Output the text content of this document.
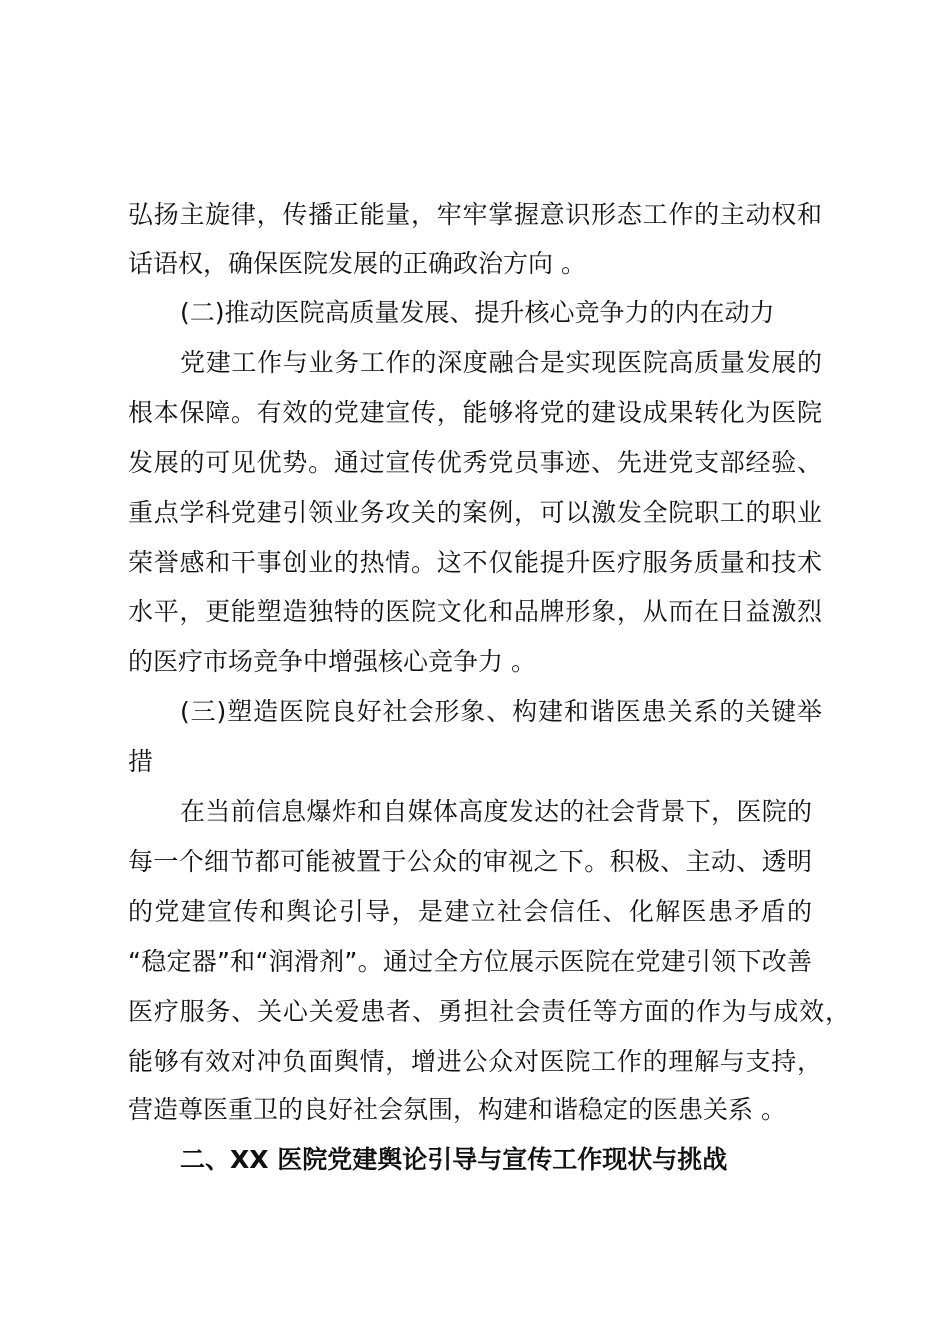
弘扬主旋律，传播正能量，牢牢掌握意识形态工作的主动权和
话语权，确保医院发展的正确政治方向 。
(二)推动医院高质量发展、提升核心竞争力的内在动力
党建工作与业务工作的深度融合是实现医院高质量发展的
根本保障。有效的党建宣传，能够将党的建设成果转化为医院
发展的可见优势。通过宣传优秀党员事迹、先进党支部经验、
重点学科党建引领业务攻关的案例，可以激发全院职工的职业
荣誉感和干事创业的热情。这不仅能提升医疗服务质量和技术
水平，更能塑造独特的医院文化和品牌形象，从而在日益激烈
的医疗市场竞争中增强核心竞争力 。
(三)塑造医院良好社会形象、构建和谐医患关系的关键举
措
在当前信息爆炸和自媒体高度发达的社会背景下，医院的
每一个细节都可能被置于公众的审视之下。积极、主动、透明
的党建宣传和舆论引导，是建立社会信任、化解医患矛盾的
“稳定器”和“润滑剂”。通过全方位展示医院在党建引领下改善
医疗服务、关心关爱患者、勇担社会责任等方面的作为与成效，
能够有效对冲负面舆情，增进公众对医院工作的理解与支持，
营造尊医重卫的良好社会氛围，构建和谐稳定的医患关系 。
二、XX 医院党建舆论引导与宣传工作现状与挑战
